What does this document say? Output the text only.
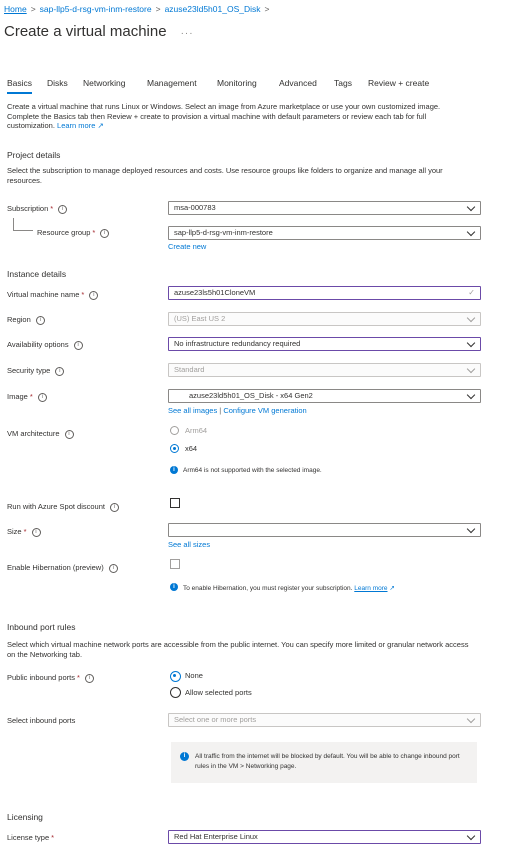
Home > sap-llp5-d-rsg-vm-inm-restore > azuse23ld5h01_OS_Disk >
Create a virtual machine ···
Basics Disks Networking	Management Monitoring	Advanced Tags Review + create
Create a virtual machine that runs Linux or Windows. Select an image from Azure marketplace or use your own customized image. Complete the Basics tab then Review + create to provision a virtual machine with default parameters or review each tab for full customization. Learn more ↗
Project details
Select the subscription to manage deployed resources and costs. Use resource groups like folders to organize and manage all your resources.
Subscription * i	msa-000783
Resource group * i	sap-llp5-d-rsg-vm-inm-restore
Create new
Instance details
Virtual machine name * i	azuse23ls5h01CloneVM	✓
Region i	(US) East US 2
Availability options i	No infrastructure redundancy required
Security type i	Standard
Image * i	azuse23ld5h01_OS_Disk - x64 Gen2
See all images | Configure VM generation
VM architecture i	Arm64
x64
i	Arm64 is not supported with the selected image.
Run with Azure Spot discount i
Size * i
See all sizes
Enable Hibernation (preview) i
i	To enable Hibernation, you must register your subscription. Learn more ↗
Inbound port rules
Select which virtual machine network ports are accessible from the public internet. You can specify more limited or granular network access on the Networking tab.
Public inbound ports * i	None
Allow selected ports
Select inbound ports	Select one or more ports
i	All traffic from the internet will be blocked by default. You will be able to change inbound port rules in the VM > Networking page.
Licensing
License type *	Red Hat Enterprise Linux
